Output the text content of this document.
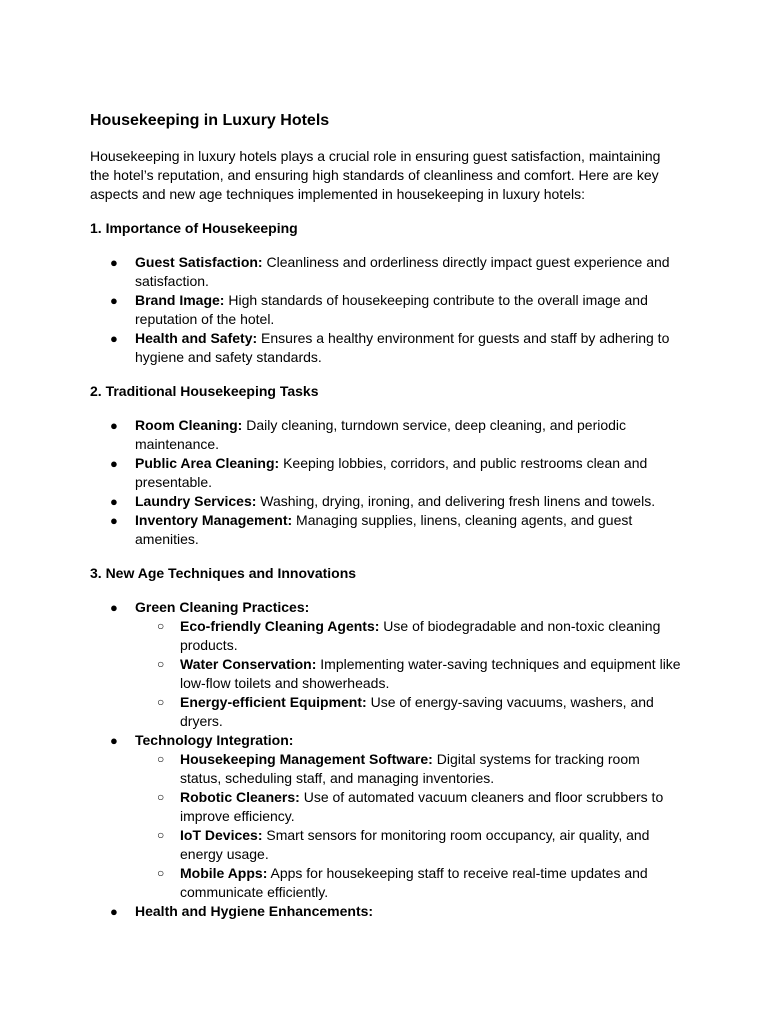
Housekeeping in Luxury Hotels

Housekeeping in luxury hotels plays a crucial role in ensuring guest satisfaction, maintaining the hotel’s reputation, and ensuring high standards of cleanliness and comfort. Here are key aspects and new age techniques implemented in housekeeping in luxury hotels:

1. Importance of Housekeeping
● Guest Satisfaction: Cleanliness and orderliness directly impact guest experience and satisfaction.
● Brand Image: High standards of housekeeping contribute to the overall image and reputation of the hotel.
● Health and Safety: Ensures a healthy environment for guests and staff by adhering to hygiene and safety standards.
2. Traditional Housekeeping Tasks
● Room Cleaning: Daily cleaning, turndown service, deep cleaning, and periodic maintenance.
● Public Area Cleaning: Keeping lobbies, corridors, and public restrooms clean and presentable.
● Laundry Services: Washing, drying, ironing, and delivering fresh linens and towels.
● Inventory Management: Managing supplies, linens, cleaning agents, and guest amenities.
3. New Age Techniques and Innovations
● Green Cleaning Practices:
○ Eco-friendly Cleaning Agents: Use of biodegradable and non-toxic cleaning products.
○ Water Conservation: Implementing water-saving techniques and equipment like low-flow toilets and showerheads.
○ Energy-efficient Equipment: Use of energy-saving vacuums, washers, and dryers.
● Technology Integration:
○ Housekeeping Management Software: Digital systems for tracking room status, scheduling staff, and managing inventories.
○ Robotic Cleaners: Use of automated vacuum cleaners and floor scrubbers to improve efficiency.
○ IoT Devices: Smart sensors for monitoring room occupancy, air quality, and energy usage.
○ Mobile Apps: Apps for housekeeping staff to receive real-time updates and communicate efficiently.
● Health and Hygiene Enhancements:
